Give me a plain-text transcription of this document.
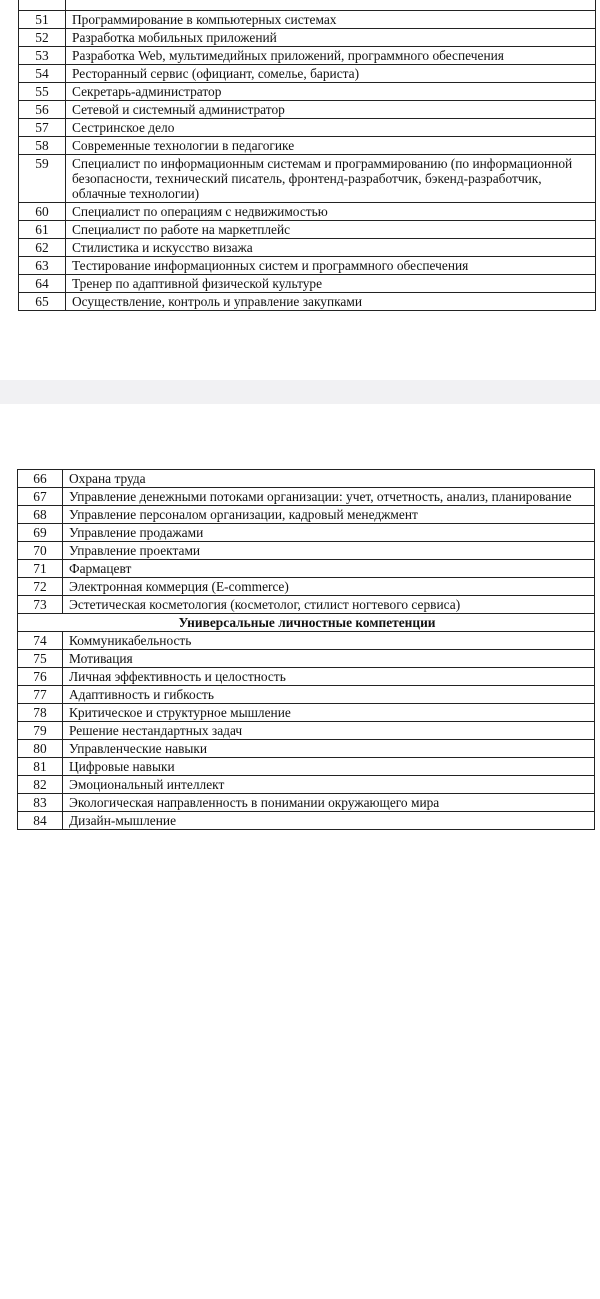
51	Программирование в компьютерных системах
52	Разработка мобильных приложений
53	Разработка Web, мультимедийных приложений, программного обеспечения
54	Ресторанный сервис (официант, сомелье, бариста)
55	Секретарь-администратор
56	Сетевой и системный администратор
57	Сестринское дело
58	Современные технологии в педагогике
59	Специалист по информационным системам и программированию (по информационной безопасности, технический писатель, фронтенд-разработчик, бэкенд-разработчик, облачные технологии)
60	Специалист по операциям с недвижимостью
61	Специалист по работе на маркетплейс
62	Стилистика и искусство визажа
63	Тестирование информационных систем и программного обеспечения
64	Тренер по адаптивной физической культуре
65	Осуществление, контроль и управление закупками
66	Охрана труда
67	Управление денежными потоками организации: учет, отчетность, анализ, планирование
68	Управление персоналом организации, кадровый менеджмент
69	Управление продажами
70	Управление проектами
71	Фармацевт
72	Электронная коммерция (E-commerce)
73	Эстетическая косметология (косметолог, стилист ногтевого сервиса)
Универсальные личностные компетенции	
74	Коммуникабельность
75	Мотивация
76	Личная эффективность и целостность
77	Адаптивность и гибкость
78	Критическое и структурное мышление
79	Решение нестандартных задач
80	Управленческие навыки
81	Цифровые навыки
82	Эмоциональный интеллект
83	Экологическая направленность в понимании окружающего мира
84	Дизайн-мышление
